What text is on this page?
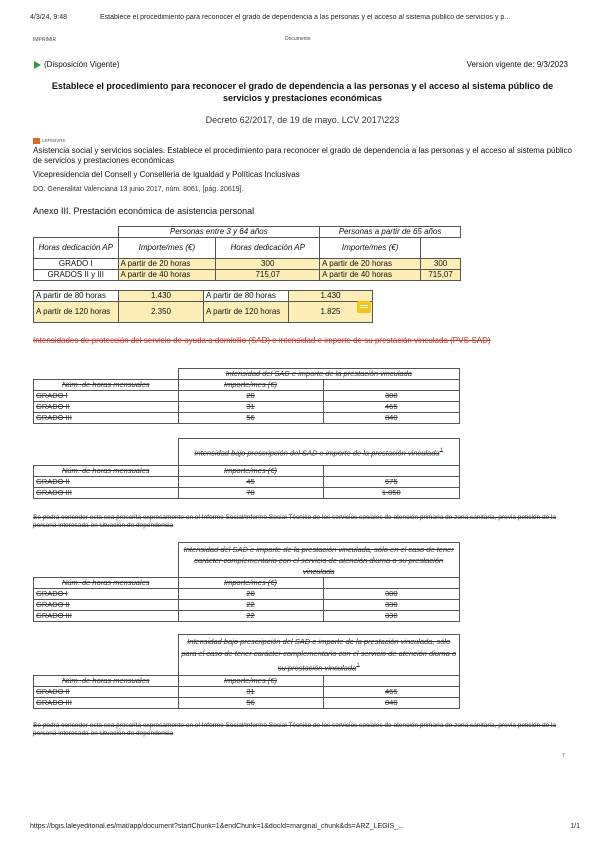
4/3/24, 9:48	Establece el procedimiento para reconocer el grado de dependencia a las personas y el acceso al sistema público de servicios y p...
IMPRIMIR	Documento
(Disposición Vigente)	Version vigente de: 9/3/2023
Establece el procedimiento para reconocer el grado de dependencia a las personas y el acceso al sistema público de servicios y prestaciones económicas
Decreto 62/2017, de 19 de mayo. LCV 2017\223
LEFEBVRE
Asistencia social y servicios sociales. Establece el procedimiento para reconocer el grado de dependencia a las personas y el acceso al sistema público de servicios y prestaciones económicas
Vicepresidencia del Consell y Conselleria de Igualdad y Políticas Inclusivas
DO. Generalitat Valenciana 13 junio 2017, núm. 8061, [pág. 20619].
Anexo III. Prestación económica de asistencia personal
	Personas entre 3 y 64 años		Personas a partir de 65 años	
Horas dedicación AP	Importe/mes (€)	Horas dedicación AP	Importe/mes (€)	
GRADO I	A partir de 20 horas	300	A partir de 20 horas	300
GRADOS II y III	A partir de 40 horas	715,07	A partir de 40 horas	715,07
A partir de 80 horas	1.430	A partir de 80 horas	1.430
A partir de 120 horas	2.350	A partir de 120 horas	1.825
Intensidades de protección del servicio de ayuda a domicilio (SAD) e intensidad e importe de su prestación vinculada (PVS-SAD)
	Intensidad del SAD e importe de la prestación vinculada	
Núm. de horas mensuales	Importe/mes (€)	
GRADO I	20	300
GRADO II	31	465
GRADO III	56	840
	Intensidad bajo prescripción del SAD e importe de la prestación vinculada$^1$
Núm. de horas mensuales	Importe/mes (€)	
GRADO II	45	675
GRADO III	70	1.050
Se podrá conceder esta sea prescrita expresamente en el Informe Social/Informe Social Técnico de los servicios sociales de atención primaria de zona sanitaria, previa petición de la persona interesada en situación de dependencia
	Intensidad del SAD e importe de la prestación vinculada, sólo en el caso de tener carácter complementario con el servicio de atención diurna o su prestación vinculada	
Núm. de horas mensuales	Importe/mes (€)	
GRADO I	20	300
GRADO II	22	330
GRADO III	22	330
	Intensidad bajo prescripción del SAD e importe de la prestación vinculada, sólo para el caso de tener carácter complementario con el servicio de atención diurna o su prestación vinculada$^1$
Núm. de horas mensuales	Importe/mes (€)	
GRADO II	31	465
GRADO III	56	840
Se podrá conceder esta sea prescrita expresamente en el Informe Social/Informe Social Técnico de los servicios sociales de atención primaria de zona sanitaria, previa petición de la persona interesada en situación de dependencia
7
https://bgis.laleyeditorial.es/mat/app/document?startChunk=1&endChunk=1&docId=marginal_chunk&ds=ARZ_LEGIS_...	1/1
